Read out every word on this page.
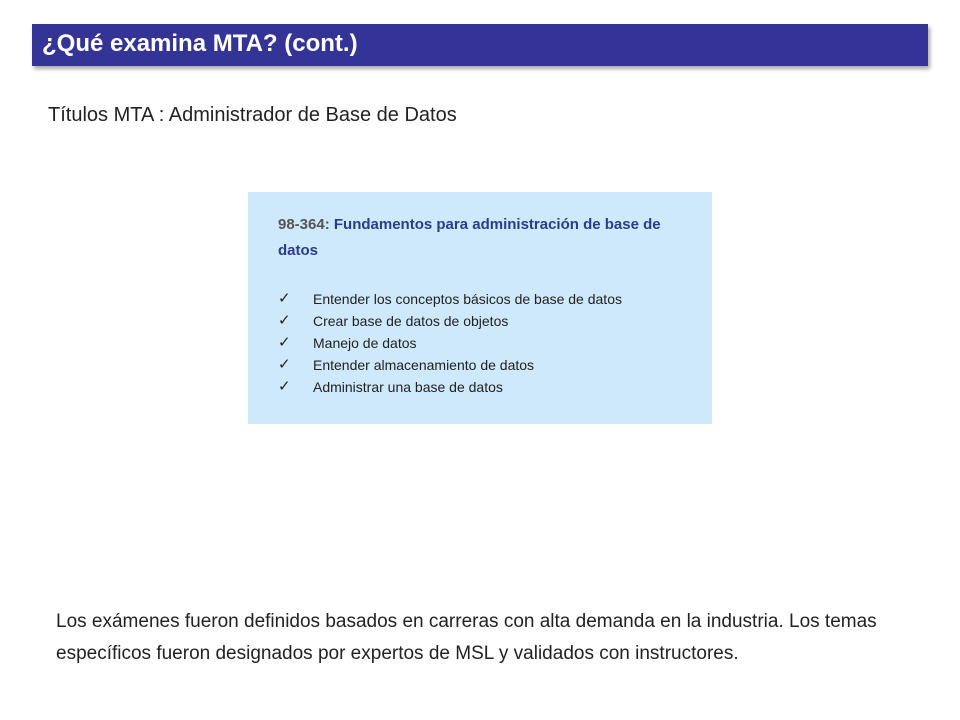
¿Qué examina MTA? (cont.)
Títulos MTA : Administrador de Base de Datos
98-364: Fundamentos para administración de base de datos
✓ Entender los conceptos básicos de base de datos
✓ Crear base de datos de objetos
✓ Manejo de datos
✓ Entender almacenamiento de datos
✓ Administrar una base de datos
Los exámenes fueron definidos basados en carreras con alta demanda en la industria. Los temas específicos fueron designados por expertos de MSL y validados con instructores.
